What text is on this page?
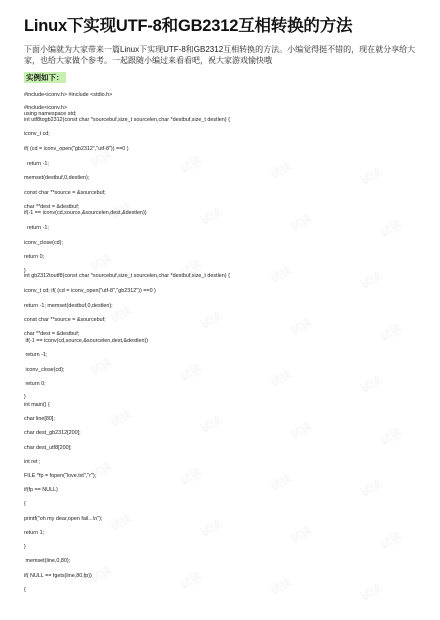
Linux下实现UTF-8和GB2312互相转换的方法

下面小编就为大家带来一篇Linux下实现UTF-8和GB2312互相转换的方法。小编觉得挺不错的，现在就分享给大家，也给大家做个参考。一起跟随小编过来看看吧，祝大家游戏愉快哦

实例如下：

#include<iconv.h> #include <stdio.h>

#include<iconv.h>

using namespace std;

int utf8togb2312(const char *sourcebuf,size_t sourcelen,char *destbuf,size_t destlen) {

iconv_t cd;

if( (cd = iconv_open("gb2312","utf-8")) ==0 )

return -1;

memset(destbuf,0,destlen);

const char **source = &sourcebuf;

char **dest = &destbuf;

if(-1 == iconv(cd,source,&sourcelen,dest,&destlen))

return -1;

iconv_close(cd);

return 0;

}

int gb2312toutf8(const char *sourcebuf,size_t sourcelen,char *destbuf,size_t destlen) {

iconv_t cd; if( (cd = iconv_open("utf-8","gb2312")) ==0 )

return -1; memset(destbuf,0,destlen);

const char **source = &sourcebuf;

char **dest = &destbuf;

if(-1 == iconv(cd,source,&sourcelen,dest,&destlen))

return -1;

iconv_close(cd);

return 0;

}

int main() {

char line[80];

char dest_gb2312[200];

char dest_utf8[200];

int ret ;

FILE *fp = fopen("love.txt","r");

if(fp == NULL)

{

printf("oh my dear,open fail...\n");

return 1;

}

memset(line,0,80);

if( NULL == fgets(line,80,fp))

{

试读	试读	试读	试读
试读	试读	试读	试读
试读	试读	试读	试读
试读	试读	试读	试读
试读	试读	试读	试读
试读	试读	试读	试读
试读	试读	试读	试读
试读	试读	试读	试读
试读	试读	试读	试读
